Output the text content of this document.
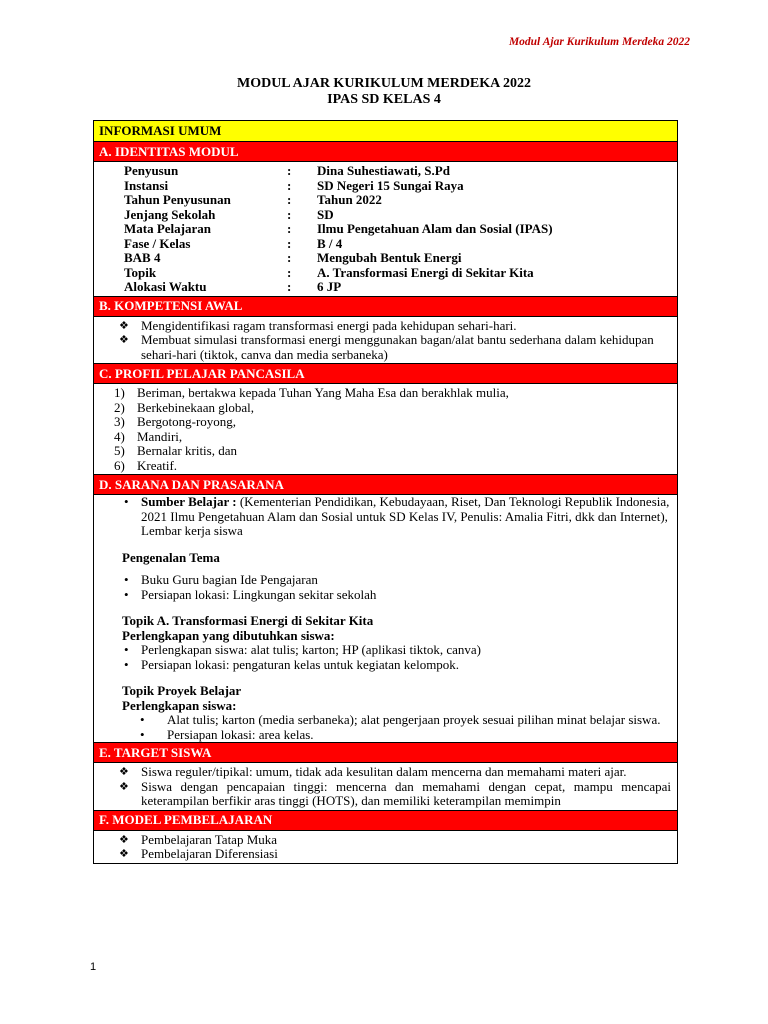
Modul Ajar Kurikulum Merdeka 2022
MODUL AJAR KURIKULUM MERDEKA 2022
IPAS SD KELAS 4
INFORMASI UMUM
A. IDENTITAS MODUL

Penyusun	:	Dina Suhestiawati, S.Pd
Instansi	:	SD Negeri 15 Sungai Raya
Tahun Penyusunan	:	Tahun 2022
Jenjang Sekolah	:	SD
Mata Pelajaran	:	Ilmu Pengetahuan Alam dan Sosial (IPAS)
Fase / Kelas	:	B / 4
BAB 4	:	Mengubah Bentuk Energi
Topik	:	A. Transformasi Energi di Sekitar Kita
Alokasi Waktu	:	6 JP

B. KOMPETENSI AWAL

❖ Mengidentifikasi ragam transformasi energi pada kehidupan sehari-hari.
❖ Membuat simulasi transformasi energi menggunakan bagan/alat bantu sederhana dalam kehidupan sehari-hari (tiktok, canva dan media serbaneka)

C. PROFIL PELAJAR PANCASILA

1) Beriman, bertakwa kepada Tuhan Yang Maha Esa dan berakhlak mulia,
2) Berkebinekaan global,
3) Bergotong-royong,
4) Mandiri,
5) Bernalar kritis, dan
6) Kreatif.

D. SARANA DAN PRASARANA

• Sumber Belajar : (Kementerian Pendidikan, Kebudayaan, Riset, Dan Teknologi Republik Indonesia, 2021 Ilmu Pengetahuan Alam dan Sosial untuk SD Kelas IV, Penulis: Amalia Fitri, dkk dan Internet), Lembar kerja siswa
Pengenalan Tema
• Buku Guru bagian Ide Pengajaran
• Persiapan lokasi: Lingkungan sekitar sekolah
Topik A. Transformasi Energi di Sekitar Kita
Perlengkapan yang dibutuhkan siswa:
• Perlengkapan siswa: alat tulis; karton; HP (aplikasi tiktok, canva)
• Persiapan lokasi: pengaturan kelas untuk kegiatan kelompok.
Topik Proyek Belajar
Perlengkapan siswa:
• Alat tulis; karton (media serbaneka); alat pengerjaan proyek sesuai pilihan minat belajar siswa.
• Persiapan lokasi: area kelas.

E. TARGET SISWA

❖ Siswa reguler/tipikal: umum, tidak ada kesulitan dalam mencerna dan memahami materi ajar.
❖ Siswa dengan pencapaian tinggi: mencerna dan memahami dengan cepat, mampu mencapai keterampilan berfikir aras tinggi (HOTS), dan memiliki keterampilan memimpin

F. MODEL PEMBELAJARAN

❖ Pembelajaran Tatap Muka
❖ Pembelajaran Diferensiasi
1
